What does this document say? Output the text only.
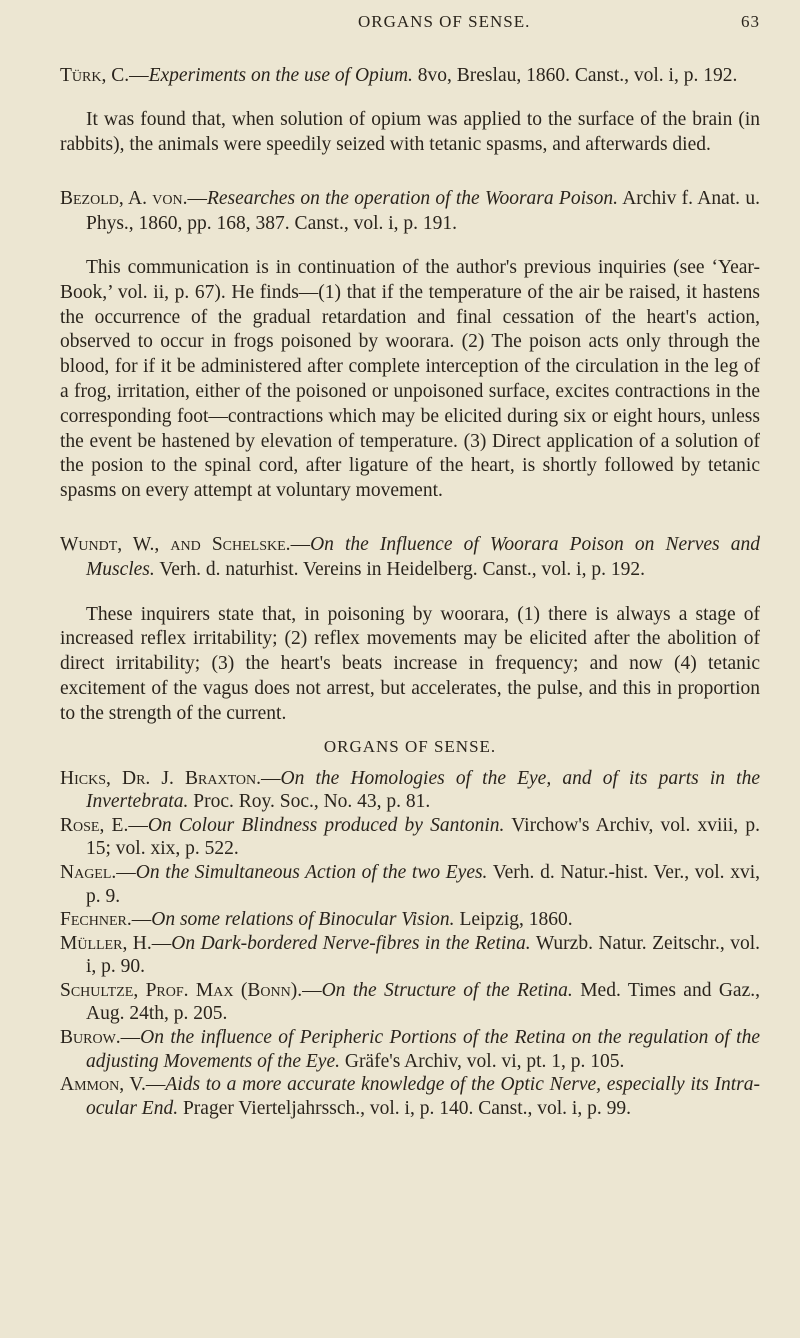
ORGANS OF SENSE.	63

Türk, C.—Experiments on the use of Opium. 8vo, Breslau, 1860. Canst., vol. i, p. 192.

It was found that, when solution of opium was applied to the surface of the brain (in rabbits), the animals were speedily seized with tetanic spasms, and afterwards died.

Bezold, A. von.—Researches on the operation of the Woorara Poison. Archiv f. Anat. u. Phys., 1860, pp. 168, 387. Canst., vol. i, p. 191.

This communication is in continuation of the author's previous inquiries (see ‘Year-Book,’ vol. ii, p. 67). He finds—(1) that if the temperature of the air be raised, it hastens the occurrence of the gradual retardation and final cessation of the heart's action, observed to occur in frogs poisoned by woorara. (2) The poison acts only through the blood, for if it be administered after complete interception of the circulation in the leg of a frog, irritation, either of the poisoned or unpoisoned surface, excites contractions in the corresponding foot—contractions which may be elicited during six or eight hours, unless the event be hastened by elevation of temperature. (3) Direct application of a solution of the posion to the spinal cord, after ligature of the heart, is shortly followed by tetanic spasms on every attempt at voluntary movement.

Wundt, W., and Schelske.—On the Influence of Woorara Poison on Nerves and Muscles. Verh. d. naturhist. Vereins in Heidelberg. Canst., vol. i, p. 192.

These inquirers state that, in poisoning by woorara, (1) there is always a stage of increased reflex irritability; (2) reflex movements may be elicited after the abolition of direct irritability; (3) the heart's beats increase in frequency; and now (4) tetanic excitement of the vagus does not arrest, but accelerates, the pulse, and this in proportion to the strength of the current.

ORGANS OF SENSE.

Hicks, Dr. J. Braxton.—On the Homologies of the Eye, and of its parts in the Invertebrata. Proc. Roy. Soc., No. 43, p. 81.

Rose, E.—On Colour Blindness produced by Santonin. Virchow's Archiv, vol. xviii, p. 15; vol. xix, p. 522.

Nagel.—On the Simultaneous Action of the two Eyes. Verh. d. Natur.-hist. Ver., vol. xvi, p. 9.

Fechner.—On some relations of Binocular Vision. Leipzig, 1860.

Müller, H.—On Dark-bordered Nerve-fibres in the Retina. Wurzb. Natur. Zeitschr., vol. i, p. 90.

Schultze, Prof. Max (Bonn).—On the Structure of the Retina. Med. Times and Gaz., Aug. 24th, p. 205.

Burow.—On the influence of Peripheric Portions of the Retina on the regulation of the adjusting Movements of the Eye. Gräfe's Archiv, vol. vi, pt. 1, p. 105.

Ammon, V.—Aids to a more accurate knowledge of the Optic Nerve, especially its Intra-ocular End. Prager Vierteljahrssch., vol. i, p. 140. Canst., vol. i, p. 99.
